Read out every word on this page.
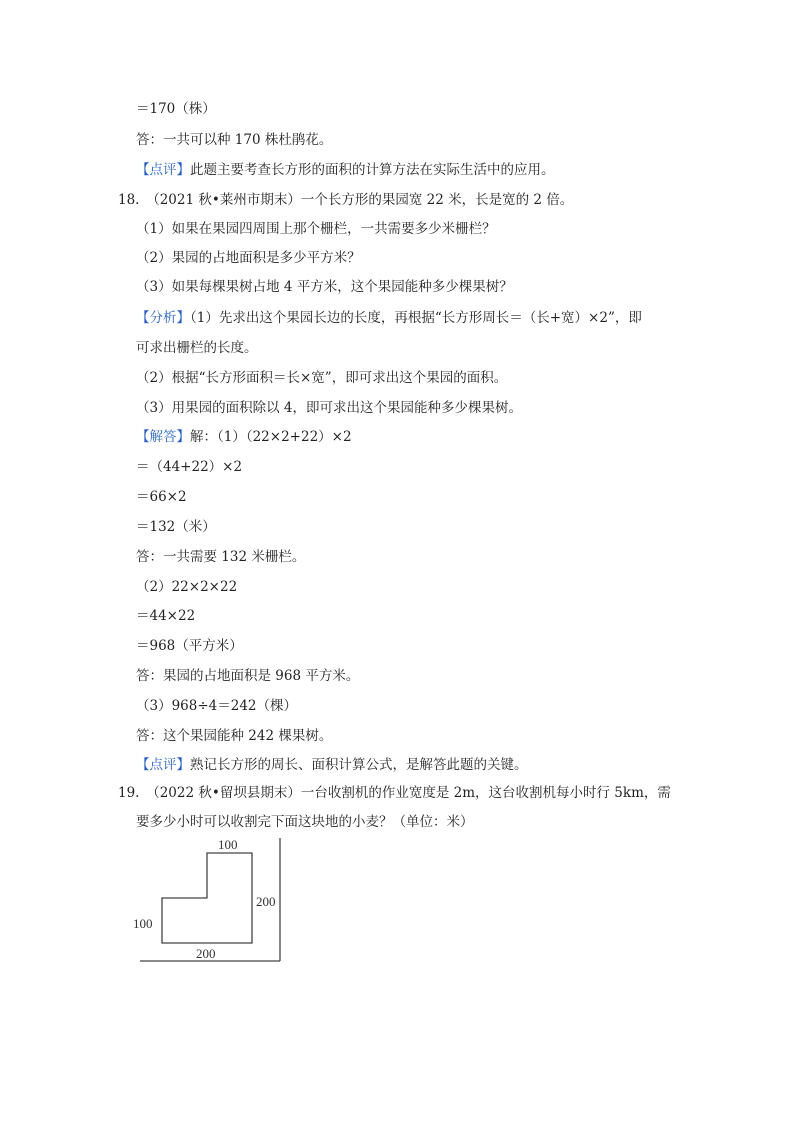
＝170（株）
答：一共可以种 170 株杜鹃花。
【点评】此题主要考查长方形的面积的计算方法在实际生活中的应用。
18.　（2021 秋•莱州市期末）一个长方形的果园宽 22 米，长是宽的 2 倍。
（1）如果在果园四周围上那个栅栏，一共需要多少米栅栏？
（2）果园的占地面积是多少平方米？
（3）如果每棵果树占地 4 平方米，这个果园能种多少棵果树？
【分析】（1）先求出这个果园长边的长度，再根据“长方形周长＝（长+宽）×2”，即
可求出栅栏的长度。
（2）根据“长方形面积＝长×宽”，即可求出这个果园的面积。
（3）用果园的面积除以 4，即可求出这个果园能种多少棵果树。
【解答】解：（1）（22×2+22）×2
＝（44+22）×2
＝66×2
＝132（米）
答：一共需要 132 米栅栏。
（2）22×2×22
＝44×22
＝968（平方米）
答：果园的占地面积是 968 平方米。
（3）968÷4＝242（棵）
答：这个果园能种 242 棵果树。
【点评】熟记长方形的周长、面积计算公式，是解答此题的关键。
19.　（2022 秋•留坝县期末）一台收割机的作业宽度是 2m，这台收割机每小时行 5km，需
要多少小时可以收割完下面这块地的小麦？（单位：米）
100
200
100
200
